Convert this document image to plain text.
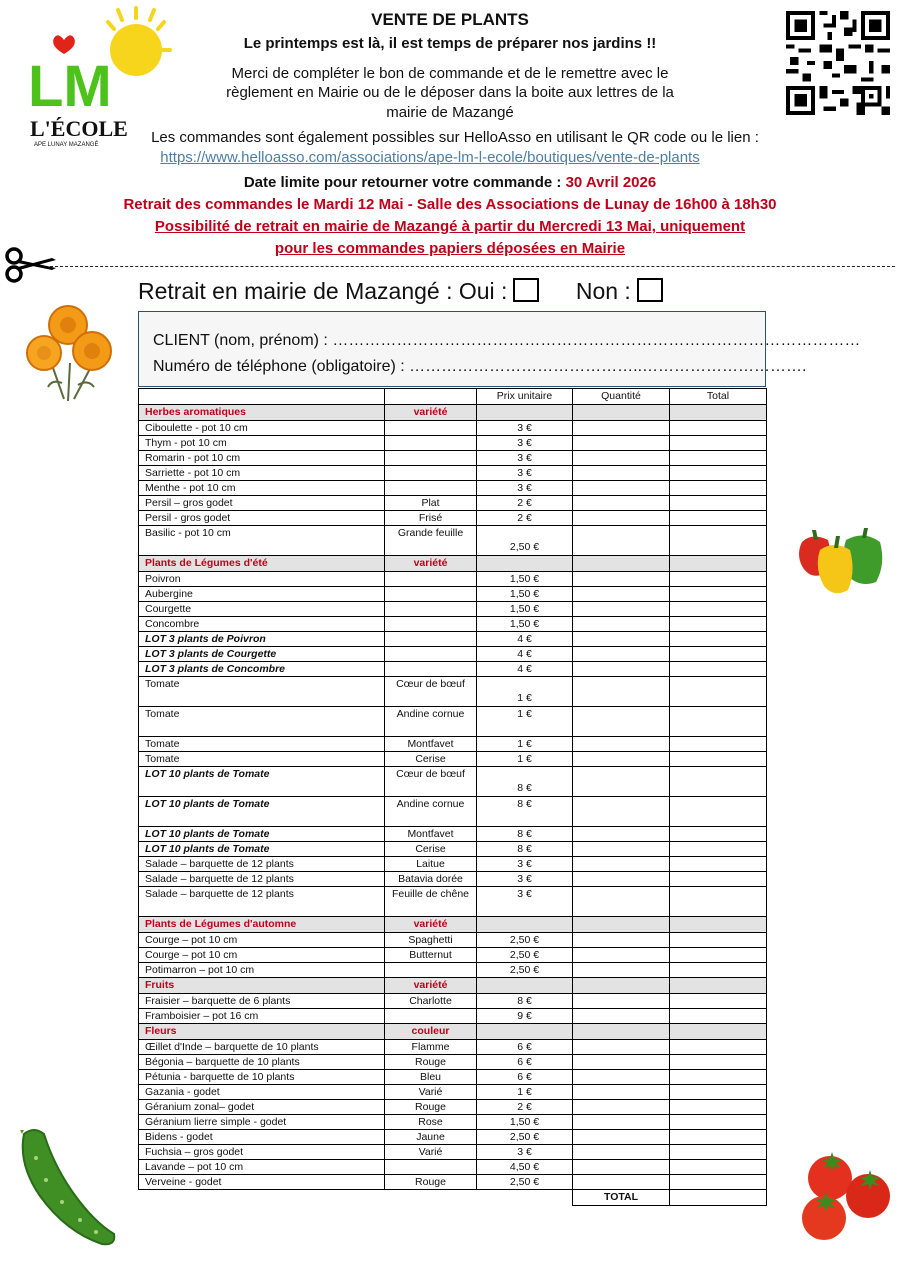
LM
L'ÉCOLE
APE LUNAY MAZANGÉ
VENTE DE PLANTS
Le printemps est là, il est temps de préparer nos jardins !!
Merci de compléter le bon de commande et de le remettre avec le
règlement en Mairie ou de le déposer dans la boite aux lettres de la
mairie de Mazangé
Les commandes sont également possibles sur HelloAsso en utilisant le QR code ou le lien :
https://www.helloasso.com/associations/ape-lm-l-ecole/boutiques/vente-de-plants
Date limite pour retourner votre commande : 30 Avril 2026
Retrait des commandes le Mardi 12 Mai - Salle des Associations de Lunay de 16h00 à 18h30
Possibilité de retrait en mairie de Mazangé à partir du Mercredi 13 Mai, uniquement
pour les commandes papiers déposées en Mairie
Retrait en mairie de Mazangé : Oui :	Non :
CLIENT (nom, prénom) : ………………………………………………………………………………………
Numéro de téléphone (obligatoire) : ……………………………………..………………………….
		Prix unitaire	Quantité	Total
Herbes aromatiques	variété			
Ciboulette - pot 10 cm		3 €		
Thym - pot 10 cm		3 €		
Romarin - pot 10 cm		3 €		
Sarriette - pot 10 cm		3 €		
Menthe - pot 10 cm		3 €		
Persil – gros godet	Plat	2 €		
Persil - gros godet	Frisé	2 €		
Basilic - pot 10 cm	Grande feuille	2,50 €		
Plants de Légumes d'été	variété			
Poivron		1,50 €		
Aubergine		1,50 €		
Courgette		1,50 €		
Concombre		1,50 €		
LOT 3 plants de Poivron		4 €		
LOT 3 plants de Courgette		4 €		
LOT 3 plants de Concombre		4 €		
Tomate	Cœur de bœuf	1 €		
Tomate	Andine cornue	1 €		
Tomate	Montfavet	1 €		
Tomate	Cerise	1 €		
LOT 10 plants de Tomate	Cœur de bœuf	8 €		
LOT 10 plants de Tomate	Andine cornue	8 €		
LOT 10 plants de Tomate	Montfavet	8 €		
LOT 10 plants de Tomate	Cerise	8 €		
Salade – barquette de 12 plants	Laitue	3 €		
Salade – barquette de 12 plants	Batavia dorée	3 €		
Salade – barquette de 12 plants	Feuille de chêne	3 €		
Plants de Légumes d'automne	variété			
Courge – pot 10 cm	Spaghetti	2,50 €		
Courge – pot 10 cm	Butternut	2,50 €		
Potimarron – pot 10 cm		2,50 €		
Fruits	variété			
Fraisier – barquette de 6 plants	Charlotte	8 €		
Framboisier – pot 16 cm		9 €		
Fleurs	couleur			
Œillet d'Inde – barquette de 10 plants	Flamme	6 €		
Bégonia – barquette de 10 plants	Rouge	6 €		
Pétunia - barquette de 10 plants	Bleu	6 €		
Gazania - godet	Varié	1 €		
Géranium zonal– godet	Rouge	2 €		
Géranium lierre simple - godet	Rose	1,50 €		
Bidens - godet	Jaune	2,50 €		
Fuchsia – gros godet	Varié	3 €		
Lavande – pot 10 cm		4,50 €		
Verveine - godet	Rouge	2,50 €		
			TOTAL	
